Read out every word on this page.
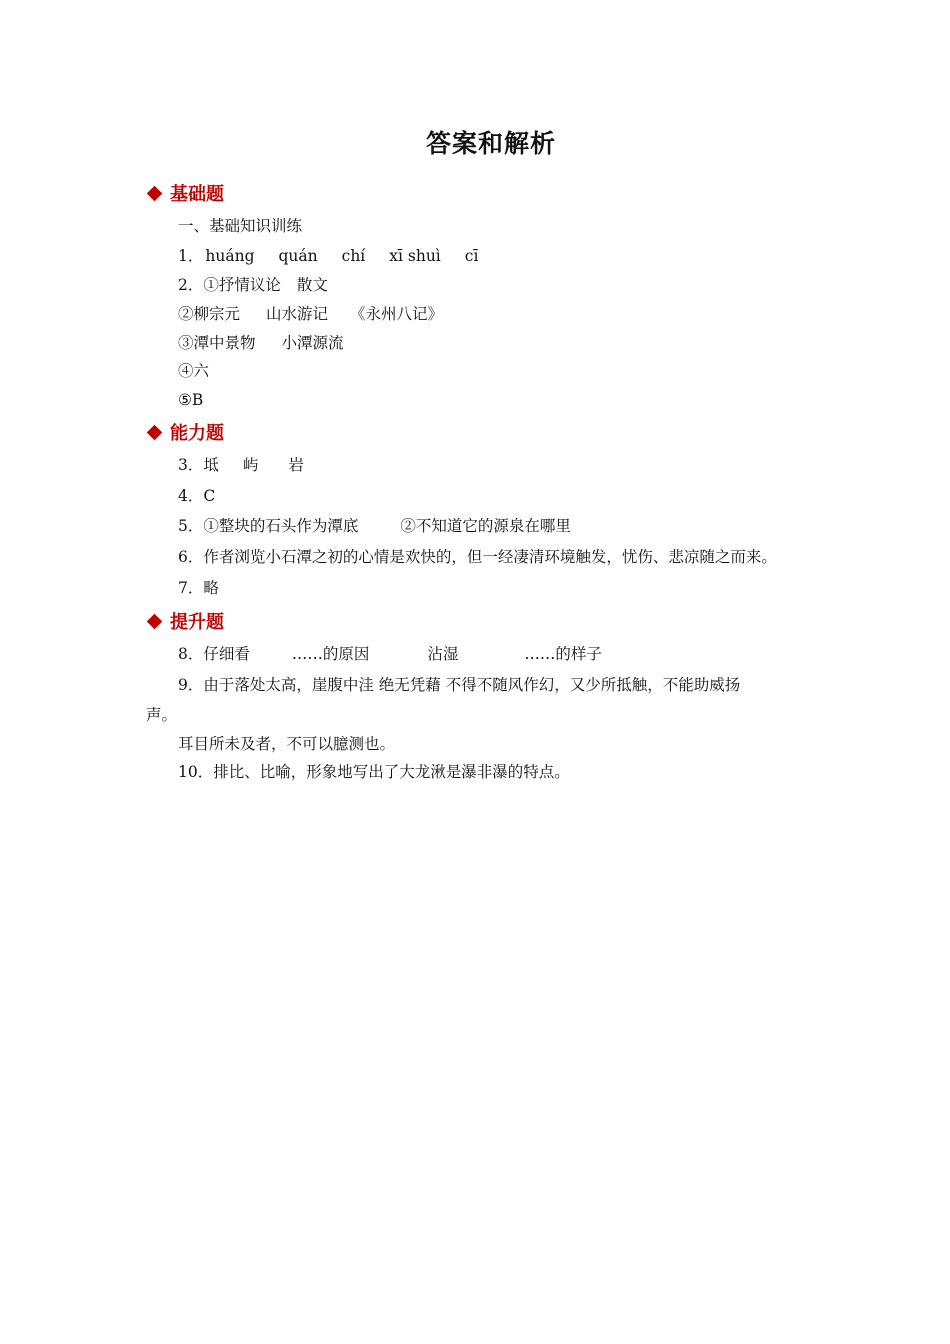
答案和解析
基础题
一、基础知识训练
1． huáng quán chí xī shuì cī
2．①抒情议论 散文
②柳宗元 山水游记 《永州八记》
③潭中景物 小潭源流
④六
⑤B
能力题
3．坻 屿 岩
4．C
5．①整块的石头作为潭底	②不知道它的源泉在哪里
6．作者浏览小石潭之初的心情是欢快的，但一经凄清环境触发，忧伤、悲凉随之而来。
7．略
提升题
8．仔细看	……的原因	沾湿	……的样子
9．由于落处太高，崖腹中洼 绝无凭藉 不得不随风作幻，又少所抵触，不能助威扬
声。
耳目所未及者，不可以臆测也。
10．排比、比喻，形象地写出了大龙湫是瀑非瀑的特点。
